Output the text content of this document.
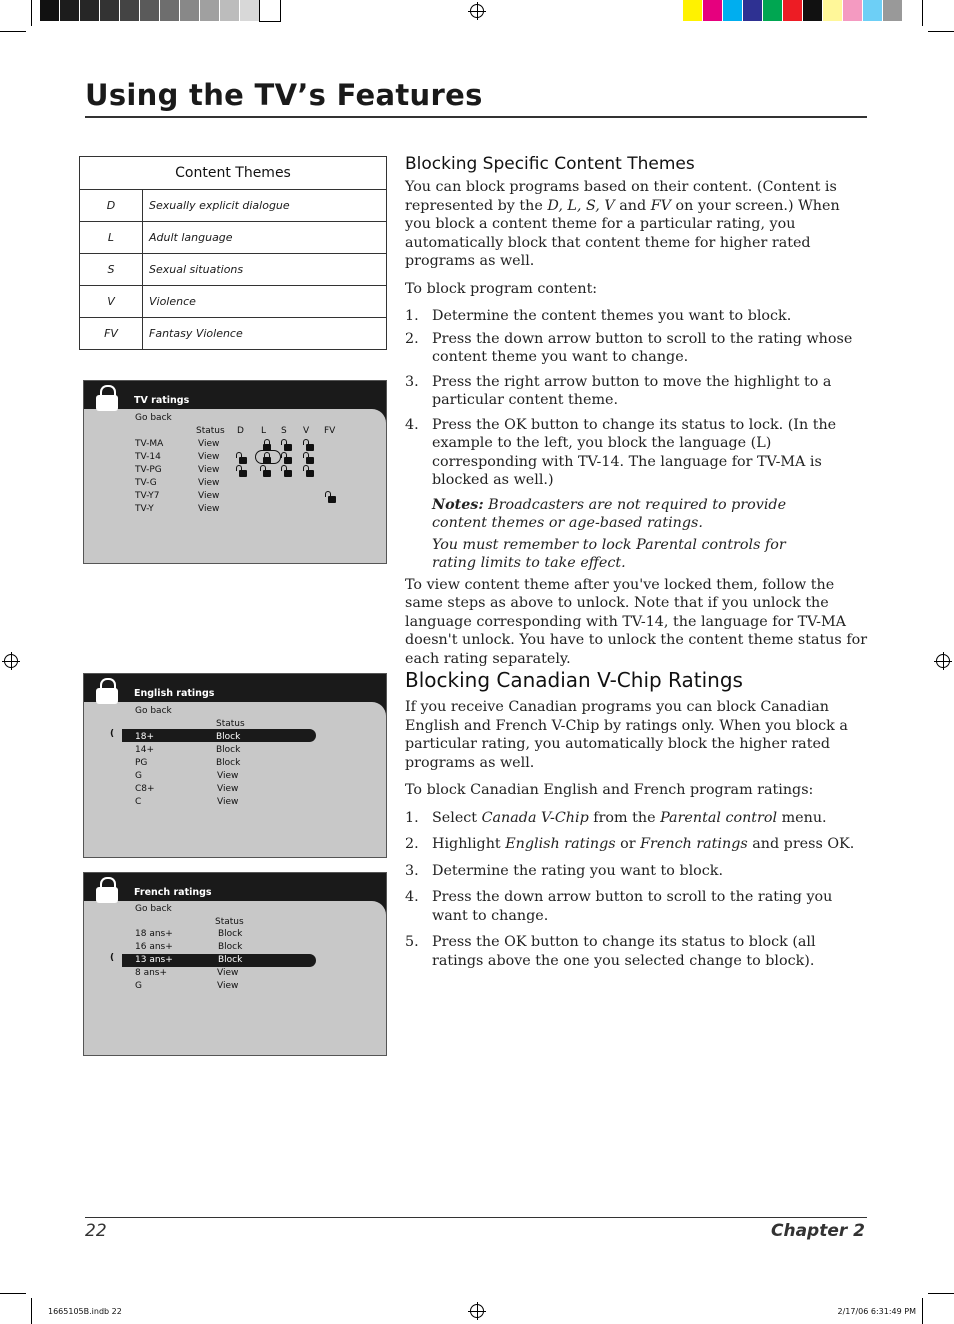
Using the TV’s Features
Content Themes	
D	Sexually explicit dialogue
L	Adult language
S	Sexual situations
V	Violence
FV	Fantasy Violence
TV ratings
Go back
Status D L S V FV
TV-MA	View
TV-14	View
TV-PG	View
TV-G	View
TV-Y7	View
TV-Y	View
English ratings
Go back
Status
( 18+	Block
14+	Block
PG	Block
G	View
C8+	View
C	View
French ratings
Go back
Status
18 ans+	Block
16 ans+	Block
( 13 ans+	Block
8 ans+	View
G	View
Blocking Specific Content Themes

You can block programs based on their content. (Content is represented by the D, L, S, V and FV on your screen.) When you block a content theme for a particular rating, you automatically block that content theme for higher rated programs as well.

To block program content:

1. Determine the content themes you want to block.
2. Press the down arrow button to scroll to the rating whose content theme you want to change.
3. Press the right arrow button to move the highlight to a particular content theme.
4. Press the OK button to change its status to lock. (In the example to the left, you block the language (L) corresponding with TV-14. The language for TV-MA is blocked as well.)
Notes: Broadcasters are not required to provide content themes or age-based ratings.
You must remember to lock Parental controls for rating limits to take effect.

To view content theme after you've locked them, follow the same steps as above to unlock. Note that if you unlock the language corresponding with TV-14, the language for TV-MA doesn't unlock. You have to unlock the content theme status for each rating separately.

Blocking Canadian V-Chip Ratings

If you receive Canadian programs you can block Canadian English and French V-Chip by ratings only. When you block a particular rating, you automatically block the higher rated programs as well.

To block Canadian English and French program ratings:

1. Select Canada V-Chip from the Parental control menu.
2. Highlight English ratings or French ratings and press OK.
3. Determine the rating you want to block.
4. Press the down arrow button to scroll to the rating you want to change.
5. Press the OK button to change its status to block (all ratings above the one you selected change to block).
22	Chapter 2
1665105B.indb 22	2/17/06 6:31:49 PM
